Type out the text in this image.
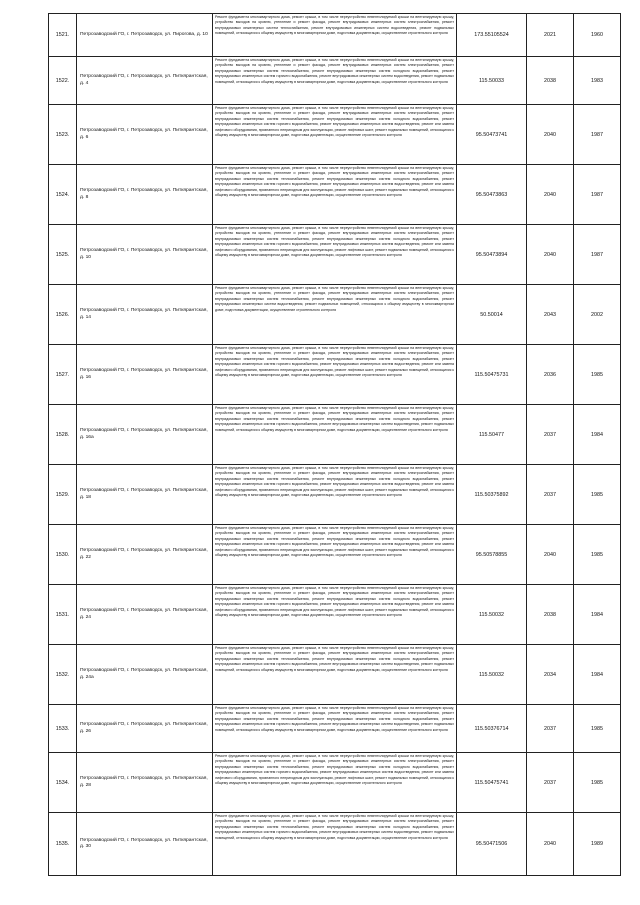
1521.	Петрозаводский ГО, г. Петрозаводск, ул. Пирогова, д. 10	Ремонт фундамента многоквартирного дома, ремонт крыши, в том числе переустройство невентилируемой крыши на вентилируемую крышу, устройство выходов на кровлю, утепление и ремонт фасада, ремонт внутридомовых инженерных систем электроснабжения, ремонт внутридомовых инженерных систем теплоснабжения, ремонт внутридомовых инженерных систем водоотведения, ремонт подвальных помещений, относящихся к общему имуществу в многоквартирном доме, подготовка документации, осуществление строительного контроля	173.55105524	2021	1960
1522.	Петрозаводский ГО, г. Петрозаводск, ул. Питкярантская, д. 4	Ремонт фундамента многоквартирного дома, ремонт крыши, в том числе переустройство невентилируемой крыши на вентилируемую крышу, устройство выходов на кровлю, утепление и ремонт фасада, ремонт внутридомовых инженерных систем электроснабжения, ремонт внутридомовых инженерных систем теплоснабжения, ремонт внутридомовых инженерных систем холодного водоснабжения, ремонт внутридомовых инженерных систем горячего водоснабжения, ремонт внутридомовых инженерных систем водоотведения, ремонт подвальных помещений, относящихся к общему имуществу в многоквартирном доме, подготовка документации, осуществление строительного контроля	115.50033	2038	1983
1523.	Петрозаводский ГО, г. Петрозаводск, ул. Питкярантская, д. 6	Ремонт фундамента многоквартирного дома, ремонт крыши, в том числе переустройство невентилируемой крыши на вентилируемую крышу, устройство выходов на кровлю, утепление и ремонт фасада, ремонт внутридомовых инженерных систем электроснабжения, ремонт внутридомовых инженерных систем теплоснабжения, ремонт внутридомовых инженерных систем холодного водоснабжения, ремонт внутридомовых инженерных систем горячего водоснабжения, ремонт внутридомовых инженерных систем водоотведения, ремонт или замена лифтового оборудования, признанного непригодным для эксплуатации, ремонт лифтовых шахт, ремонт подвальных помещений, относящихся к общему имуществу в многоквартирном доме, подготовка документации, осуществление строительного контроля	95.50473741	2040	1987
1524.	Петрозаводский ГО, г. Петрозаводск, ул. Питкярантская, д. 8	Ремонт фундамента многоквартирного дома, ремонт крыши, в том числе переустройство невентилируемой крыши на вентилируемую крышу, устройство выходов на кровлю, утепление и ремонт фасада, ремонт внутридомовых инженерных систем электроснабжения, ремонт внутридомовых инженерных систем теплоснабжения, ремонт внутридомовых инженерных систем холодного водоснабжения, ремонт внутридомовых инженерных систем горячего водоснабжения, ремонт внутридомовых инженерных систем водоотведения, ремонт или замена лифтового оборудования, признанного непригодным для эксплуатации, ремонт лифтовых шахт, ремонт подвальных помещений, относящихся к общему имуществу в многоквартирном доме, подготовка документации, осуществление строительного контроля	95.50473863	2040	1987
1525.	Петрозаводский ГО, г. Петрозаводск, ул. Питкярантская, д. 10	Ремонт фундамента многоквартирного дома, ремонт крыши, в том числе переустройство невентилируемой крыши на вентилируемую крышу, устройство выходов на кровлю, утепление и ремонт фасада, ремонт внутридомовых инженерных систем электроснабжения, ремонт внутридомовых инженерных систем теплоснабжения, ремонт внутридомовых инженерных систем холодного водоснабжения, ремонт внутридомовых инженерных систем горячего водоснабжения, ремонт внутридомовых инженерных систем водоотведения, ремонт или замена лифтового оборудования, признанного непригодным для эксплуатации, ремонт лифтовых шахт, ремонт подвальных помещений, относящихся к общему имуществу в многоквартирном доме, подготовка документации, осуществление строительного контроля	95.50473894	2040	1987
1526.	Петрозаводский ГО, г. Петрозаводск, ул. Питкярантская, д. 14	Ремонт фундамента многоквартирного дома, ремонт крыши, в том числе переустройство невентилируемой крыши на вентилируемую крышу, устройство выходов на кровлю, утепление и ремонт фасада, ремонт внутридомовых инженерных систем электроснабжения, ремонт внутридомовых инженерных систем теплоснабжения, ремонт внутридомовых инженерных систем холодного водоснабжения, ремонт внутридомовых инженерных систем водоотведения, ремонт подвальных помещений, относящихся к общему имуществу в многоквартирном доме, подготовка документации, осуществление строительного контроля	50.50014	2043	2002
1527.	Петрозаводский ГО, г. Петрозаводск, ул. Питкярантская, д. 16	Ремонт фундамента многоквартирного дома, ремонт крыши, в том числе переустройство невентилируемой крыши на вентилируемую крышу, устройство выходов на кровлю, утепление и ремонт фасада, ремонт внутридомовых инженерных систем электроснабжения, ремонт внутридомовых инженерных систем теплоснабжения, ремонт внутридомовых инженерных систем холодного водоснабжения, ремонт внутридомовых инженерных систем горячего водоснабжения, ремонт внутридомовых инженерных систем водоотведения, ремонт или замена лифтового оборудования, признанного непригодным для эксплуатации, ремонт лифтовых шахт, ремонт подвальных помещений, относящихся к общему имуществу в многоквартирном доме, подготовка документации, осуществление строительного контроля	115.50475731	2036	1985
1528.	Петрозаводский ГО, г. Петрозаводск, ул. Питкярантская, д. 16а	Ремонт фундамента многоквартирного дома, ремонт крыши, в том числе переустройство невентилируемой крыши на вентилируемую крышу, устройство выходов на кровлю, утепление и ремонт фасада, ремонт внутридомовых инженерных систем электроснабжения, ремонт внутридомовых инженерных систем теплоснабжения, ремонт внутридомовых инженерных систем холодного водоснабжения, ремонт внутридомовых инженерных систем горячего водоснабжения, ремонт внутридомовых инженерных систем водоотведения, ремонт подвальных помещений, относящихся к общему имуществу в многоквартирном доме, подготовка документации, осуществление строительного контроля	115.50477	2037	1984
1529.	Петрозаводский ГО, г. Петрозаводск, ул. Питкярантская, д. 18	Ремонт фундамента многоквартирного дома, ремонт крыши, в том числе переустройство невентилируемой крыши на вентилируемую крышу, устройство выходов на кровлю, утепление и ремонт фасада, ремонт внутридомовых инженерных систем электроснабжения, ремонт внутридомовых инженерных систем теплоснабжения, ремонт внутридомовых инженерных систем холодного водоснабжения, ремонт внутридомовых инженерных систем горячего водоснабжения, ремонт внутридомовых инженерных систем водоотведения, ремонт или замена лифтового оборудования, признанного непригодным для эксплуатации, ремонт лифтовых шахт, ремонт подвальных помещений, относящихся к общему имуществу в многоквартирном доме, подготовка документации, осуществление строительного контроля	115.50375892	2037	1985
1530.	Петрозаводский ГО, г. Петрозаводск, ул. Питкярантская, д. 22	Ремонт фундамента многоквартирного дома, ремонт крыши, в том числе переустройство невентилируемой крыши на вентилируемую крышу, устройство выходов на кровлю, утепление и ремонт фасада, ремонт внутридомовых инженерных систем электроснабжения, ремонт внутридомовых инженерных систем теплоснабжения, ремонт внутридомовых инженерных систем холодного водоснабжения, ремонт внутридомовых инженерных систем горячего водоснабжения, ремонт внутридомовых инженерных систем водоотведения, ремонт или замена лифтового оборудования, признанного непригодным для эксплуатации, ремонт лифтовых шахт, ремонт подвальных помещений, относящихся к общему имуществу в многоквартирном доме, подготовка документации, осуществление строительного контроля	95.50578855	2040	1985
1531.	Петрозаводский ГО, г. Петрозаводск, ул. Питкярантская, д. 24	Ремонт фундамента многоквартирного дома, ремонт крыши, в том числе переустройство невентилируемой крыши на вентилируемую крышу, устройство выходов на кровлю, утепление и ремонт фасада, ремонт внутридомовых инженерных систем электроснабжения, ремонт внутридомовых инженерных систем теплоснабжения, ремонт внутридомовых инженерных систем холодного водоснабжения, ремонт внутридомовых инженерных систем горячего водоснабжения, ремонт внутридомовых инженерных систем водоотведения, ремонт или замена лифтового оборудования, признанного непригодным для эксплуатации, ремонт лифтовых шахт, ремонт подвальных помещений, относящихся к общему имуществу в многоквартирном доме, подготовка документации, осуществление строительного контроля	115.50032	2038	1984
1532.	Петрозаводский ГО, г. Петрозаводск, ул. Питкярантская, д. 24а	Ремонт фундамента многоквартирного дома, ремонт крыши, в том числе переустройство невентилируемой крыши на вентилируемую крышу, устройство выходов на кровлю, утепление и ремонт фасада, ремонт внутридомовых инженерных систем электроснабжения, ремонт внутридомовых инженерных систем теплоснабжения, ремонт внутридомовых инженерных систем холодного водоснабжения, ремонт внутридомовых инженерных систем горячего водоснабжения, ремонт внутридомовых инженерных систем водоотведения, ремонт подвальных помещений, относящихся к общему имуществу в многоквартирном доме, подготовка документации, осуществление строительного контроля	115.50032	2034	1984
1533.	Петрозаводский ГО, г. Петрозаводск, ул. Питкярантская, д. 26	Ремонт фундамента многоквартирного дома, ремонт крыши, в том числе переустройство невентилируемой крыши на вентилируемую крышу, устройство выходов на кровлю, утепление и ремонт фасада, ремонт внутридомовых инженерных систем электроснабжения, ремонт внутридомовых инженерных систем теплоснабжения, ремонт внутридомовых инженерных систем холодного водоснабжения, ремонт внутридомовых инженерных систем горячего водоснабжения, ремонт внутридомовых инженерных систем водоотведения, ремонт подвальных помещений, относящихся к общему имуществу в многоквартирном доме, подготовка документации, осуществление строительного контроля	115.50376714	2037	1985
1534.	Петрозаводский ГО, г. Петрозаводск, ул. Питкярантская, д. 28	Ремонт фундамента многоквартирного дома, ремонт крыши, в том числе переустройство невентилируемой крыши на вентилируемую крышу, устройство выходов на кровлю, утепление и ремонт фасада, ремонт внутридомовых инженерных систем электроснабжения, ремонт внутридомовых инженерных систем теплоснабжения, ремонт внутридомовых инженерных систем холодного водоснабжения, ремонт внутридомовых инженерных систем горячего водоснабжения, ремонт внутридомовых инженерных систем водоотведения, ремонт или замена лифтового оборудования, признанного непригодным для эксплуатации, ремонт лифтовых шахт, ремонт подвальных помещений, относящихся к общему имуществу в многоквартирном доме, подготовка документации, осуществление строительного контроля	115.50475741	2037	1985
1535.	Петрозаводский ГО, г. Петрозаводск, ул. Питкярантская, д. 30	Ремонт фундамента многоквартирного дома, ремонт крыши, в том числе переустройство невентилируемой крыши на вентилируемую крышу, устройство выходов на кровлю, утепление и ремонт фасада, ремонт внутридомовых инженерных систем электроснабжения, ремонт внутридомовых инженерных систем теплоснабжения, ремонт внутридомовых инженерных систем холодного водоснабжения, ремонт внутридомовых инженерных систем горячего водоснабжения, ремонт внутридомовых инженерных систем водоотведения, ремонт подвальных помещений, относящихся к общему имуществу в многоквартирном доме, подготовка документации, осуществление строительного контроля	95.50471506	2040	1989
